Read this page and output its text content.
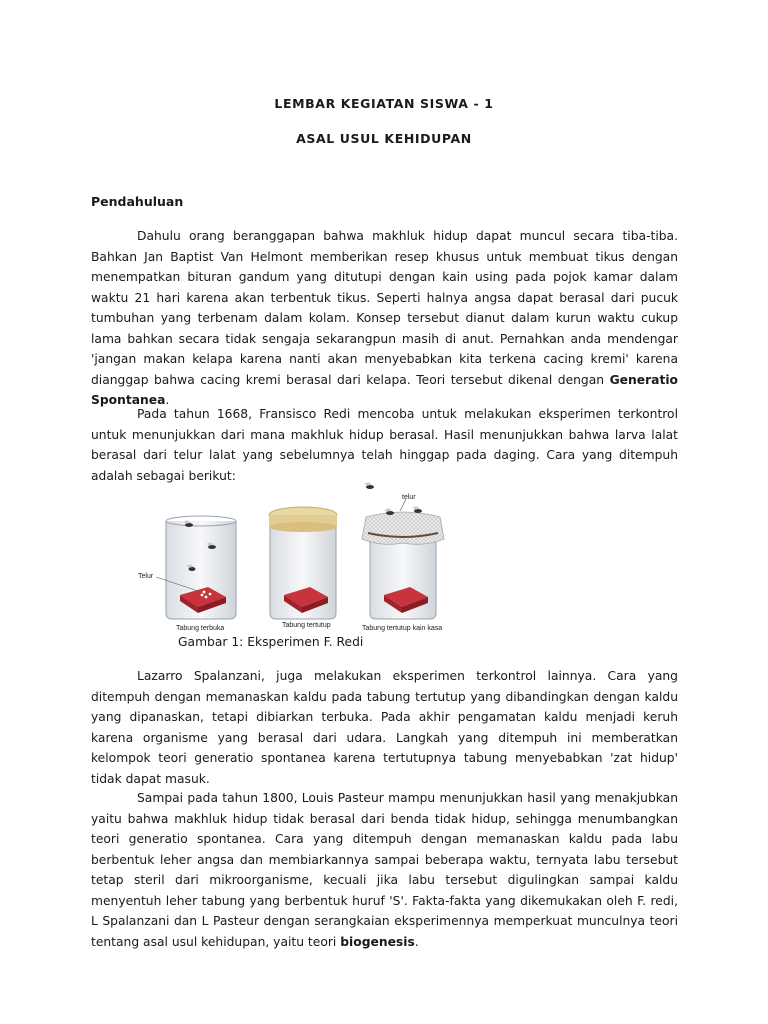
LEMBAR KEGIATAN SISWA - 1
ASAL USUL KEHIDUPAN
Pendahuluan

Dahulu orang beranggapan bahwa makhluk hidup dapat muncul secara tiba-tiba. Bahkan Jan Baptist Van Helmont memberikan resep khusus untuk membuat tikus dengan menempatkan bituran gandum yang ditutupi dengan kain using pada pojok kamar dalam waktu 21 hari karena akan terbentuk tikus. Seperti halnya angsa dapat berasal dari pucuk tumbuhan yang terbenam dalam kolam. Konsep tersebut dianut dalam kurun waktu cukup lama bahkan secara tidak sengaja sekarangpun masih di anut. Pernahkan anda mendengar 'jangan makan kelapa karena nanti akan menyebabkan kita terkena cacing kremi' karena dianggap bahwa cacing kremi berasal dari kelapa. Teori tersebut dikenal dengan Generatio Spontanea.

Pada tahun 1668, Fransisco Redi mencoba untuk melakukan eksperimen terkontrol untuk menunjukkan dari mana makhluk hidup berasal. Hasil menunjukkan bahwa larva lalat berasal dari telur lalat yang sebelumnya telah hinggap pada daging. Cara yang ditempuh adalah sebagai berikut:

Telur
Tabung terbuka	Tabung tertutup
telur
Tabung tertutup kain kasa
Gambar 1: Eksperimen F. Redi

Lazarro Spalanzani, juga melakukan eksperimen terkontrol lainnya. Cara yang ditempuh dengan memanaskan kaldu pada tabung tertutup yang dibandingkan dengan kaldu yang dipanaskan, tetapi dibiarkan terbuka. Pada akhir pengamatan kaldu menjadi keruh karena organisme yang berasal dari udara. Langkah yang ditempuh ini memberatkan kelompok teori generatio spontanea karena tertutupnya tabung menyebabkan 'zat hidup' tidak dapat masuk.

Sampai pada tahun 1800, Louis Pasteur mampu menunjukkan hasil yang menakjubkan yaitu bahwa makhluk hidup tidak berasal dari benda tidak hidup, sehingga menumbangkan teori generatio spontanea. Cara yang ditempuh dengan memanaskan kaldu pada labu berbentuk leher angsa dan membiarkannya sampai beberapa waktu, ternyata labu tersebut tetap steril dari mikroorganisme, kecuali jika labu tersebut digulingkan sampai kaldu menyentuh leher tabung yang berbentuk huruf 'S'. Fakta-fakta yang dikemukakan oleh F. redi, L Spalanzani dan L Pasteur dengan serangkaian eksperimennya memperkuat munculnya teori tentang asal usul kehidupan, yaitu teori biogenesis.
